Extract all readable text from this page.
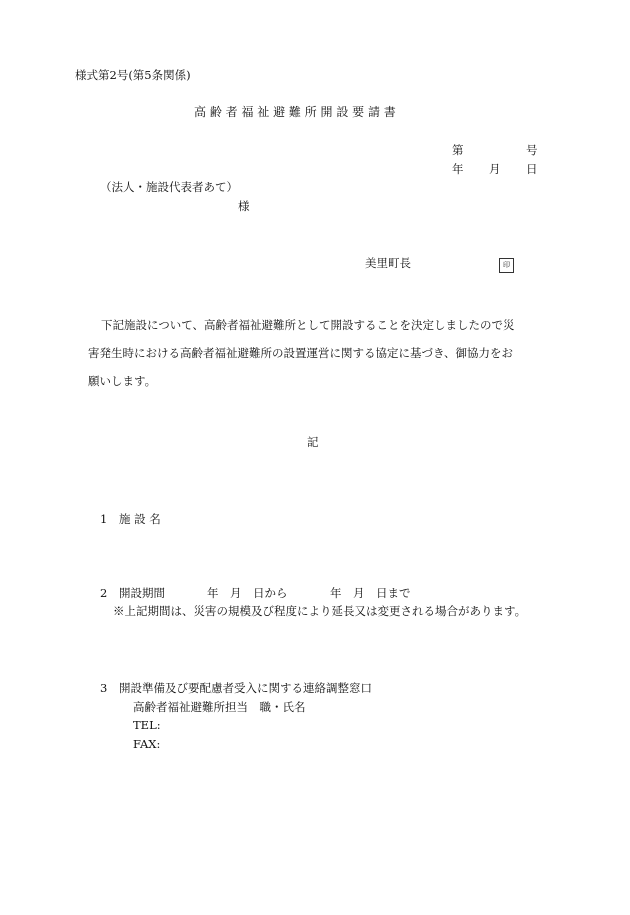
様式第2号(第5条関係)
高 齢 者 福 祉 避 難 所 開 設 要 請 書
第	号
年 月 日
（法人・施設代表者あて）
様
美里町長	印
下記施設について、高齢者福祉避難所として開設することを決定しましたので災
害発生時における高齢者福祉避難所の設置運営に関する協定に基づき、御協力をお
願いします。
記
1 施 設 名
2 開設期間	年　月　日から	年　月　日まで
※上記期間は、災害の規模及び程度により延長又は変更される場合があります。
3 開設準備及び要配慮者受入に関する連絡調整窓口
高齢者福祉避難所担当　職・氏名
TEL:
FAX:
